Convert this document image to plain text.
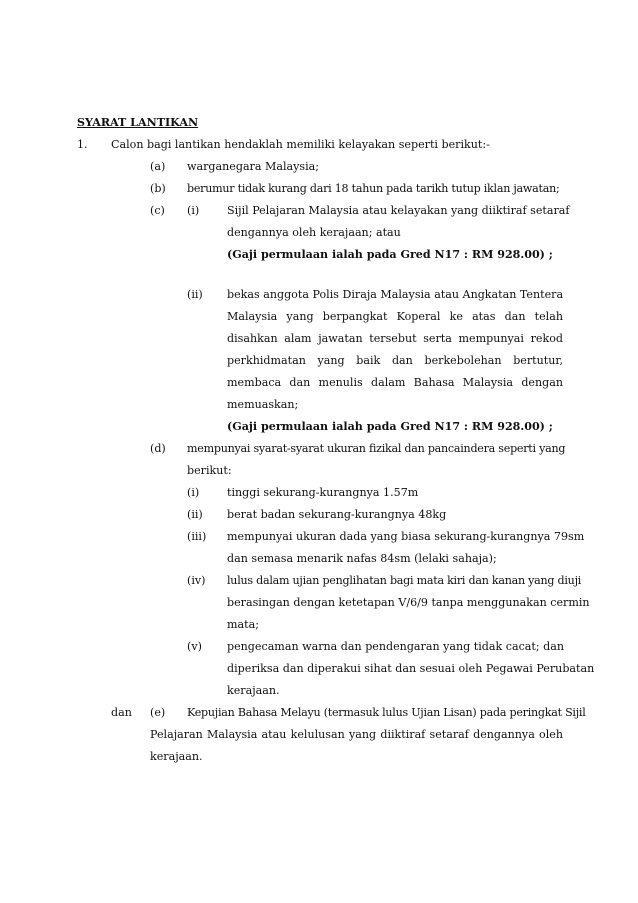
SYARAT LANTIKAN
1. Calon bagi lantikan hendaklah memiliki kelayakan seperti berikut:-
(a) warganegara Malaysia;
(b) berumur tidak kurang dari 18 tahun pada tarikh tutup iklan jawatan;
(c) (i)	Sijil Pelajaran Malaysia atau kelayakan yang diiktiraf setaraf
dengannya oleh kerajaan; atau
(Gaji permulaan ialah pada Gred N17 : RM 928.00) ;
(ii) bekas anggota Polis Diraja Malaysia atau Angkatan Tentera
Malaysia yang berpangkat Koperal ke atas dan telah
disahkan alam jawatan tersebut serta mempunyai rekod
perkhidmatan yang baik dan berkebolehan bertutur,
membaca dan menulis dalam Bahasa Malaysia dengan
memuaskan;
(Gaji permulaan ialah pada Gred N17 : RM 928.00) ;
(d) mempunyai syarat-syarat ukuran fizikal dan pancaindera seperti yang
berikut:
(i)	tinggi sekurang-kurangnya 1.57m
(ii) berat badan sekurang-kurangnya 48kg
(iii) mempunyai ukuran dada yang biasa sekurang-kurangnya 79sm
dan semasa menarik nafas 84sm (lelaki sahaja);
(iv) lulus dalam ujian penglihatan bagi mata kiri dan kanan yang diuji
berasingan dengan ketetapan V/6/9 tanpa menggunakan cermin
mata;
(v) pengecaman warna dan pendengaran yang tidak cacat; dan
diperiksa dan diperakui sihat dan sesuai oleh Pegawai Perubatan
kerajaan.
dan (e) Kepujian Bahasa Melayu (termasuk lulus Ujian Lisan) pada peringkat Sijil
Pelajaran Malaysia atau kelulusan yang diiktiraf setaraf dengannya oleh
kerajaan.
